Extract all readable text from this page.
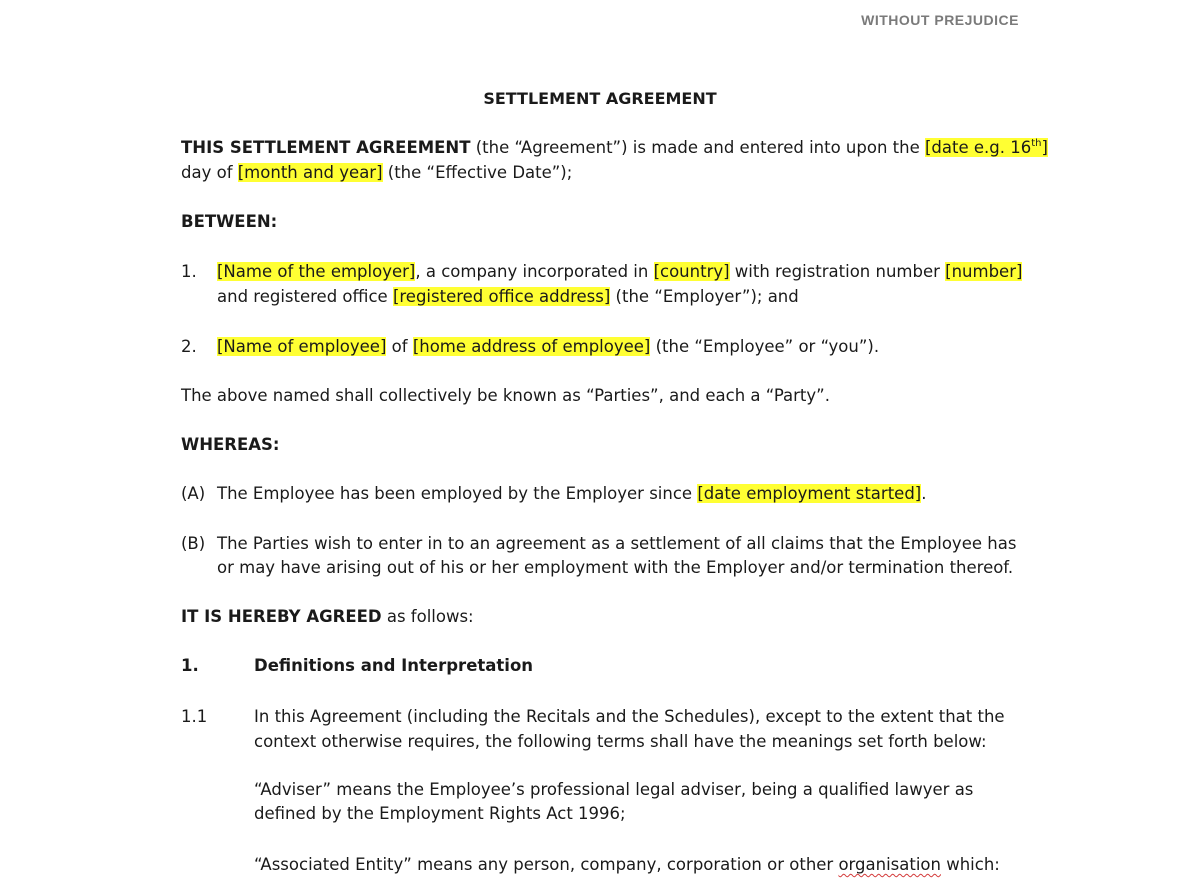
WITHOUT PREJUDICE
SETTLEMENT AGREEMENT
THIS SETTLEMENT AGREEMENT (the “Agreement”) is made and entered into upon the [date e.g. 16th]
day of [month and year] (the “Effective Date”);
BETWEEN:
1. [Name of the employer], a company incorporated in [country] with registration number [number]
and registered office [registered office address] (the “Employer”); and
2. [Name of employee] of [home address of employee] (the “Employee” or “you”).
The above named shall collectively be known as “Parties”, and each a “Party”.
WHEREAS:
(A) The Employee has been employed by the Employer since [date employment started].
(B) The Parties wish to enter in to an agreement as a settlement of all claims that the Employee has
or may have arising out of his or her employment with the Employer and/or termination thereof.
IT IS HEREBY AGREED as follows:
1.	Definitions and Interpretation
1.1	In this Agreement (including the Recitals and the Schedules), except to the extent that the
context otherwise requires, the following terms shall have the meanings set forth below:
“Adviser” means the Employee’s professional legal adviser, being a qualified lawyer as
defined by the Employment Rights Act 1996;
“Associated Entity” means any person, company, corporation or other organisation which:
